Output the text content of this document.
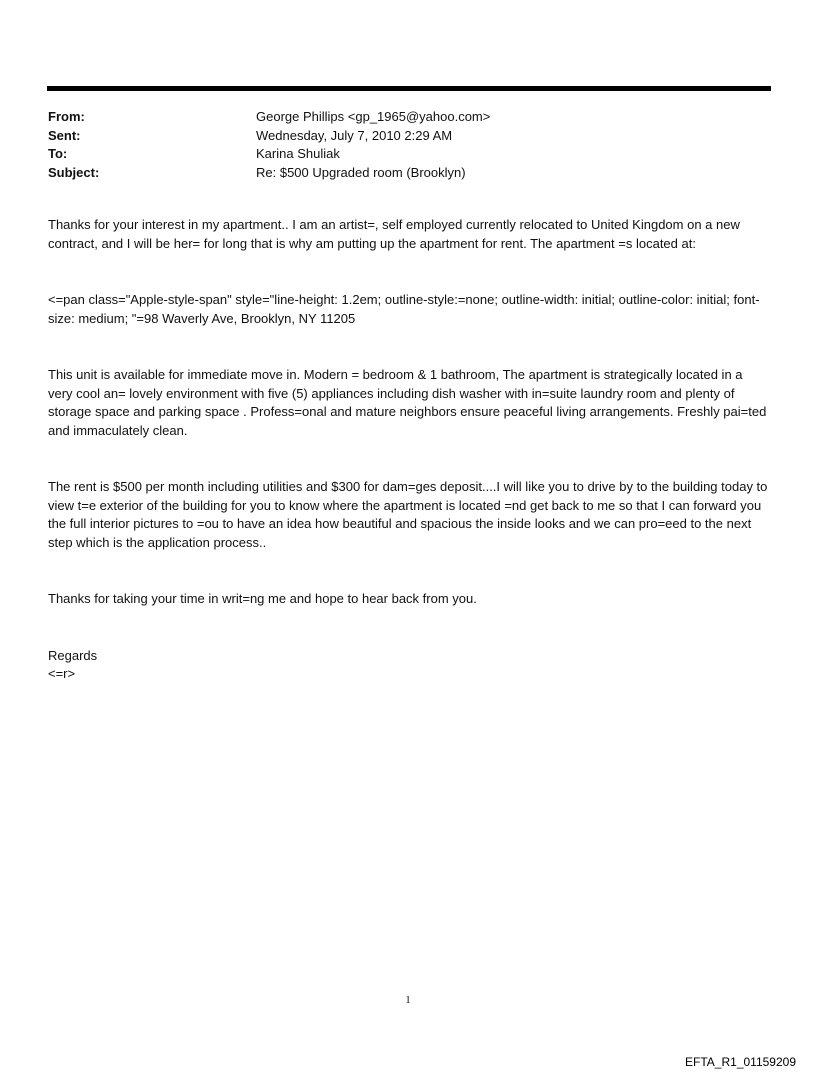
From:	George Phillips <gp_1965@yahoo.com>
Sent:	Wednesday, July 7, 2010 2:29 AM
To:	Karina Shuliak
Subject:	Re: $500 Upgraded room (Brooklyn)

Thanks for your interest in my apartment.. I am an artist=, self employed currently relocated to United Kingdom on a new contract, and I will be her= for long that is why am putting up the apartment for rent. The apartment =s located at:

<=pan class="Apple-style-span" style="line-height: 1.2em; outline-style:=none; outline-width: initial; outline-color: initial; font-size: medium; "=98 Waverly Ave, Brooklyn, NY 11205

This unit is available for immediate move in. Modern = bedroom & 1 bathroom, The apartment is strategically located in a very cool an= lovely environment with five (5) appliances including dish washer with in=suite laundry room and plenty of storage space and parking space . Profess=onal and mature neighbors ensure peaceful living arrangements. Freshly pai=ted and immaculately clean.

The rent is $500 per month including utilities and $300 for dam=ges deposit....I will like you to drive by to the building today to view t=e exterior of the building for you to know where the apartment is located =nd get back to me so that I can forward you the full interior pictures to =ou to have an idea how beautiful and spacious the inside looks and we can pro=eed to the next step which is the application process..

Thanks for taking your time in writ=ng me and hope to hear back from you.

Regards

<=r>

1
EFTA_R1_01159209
